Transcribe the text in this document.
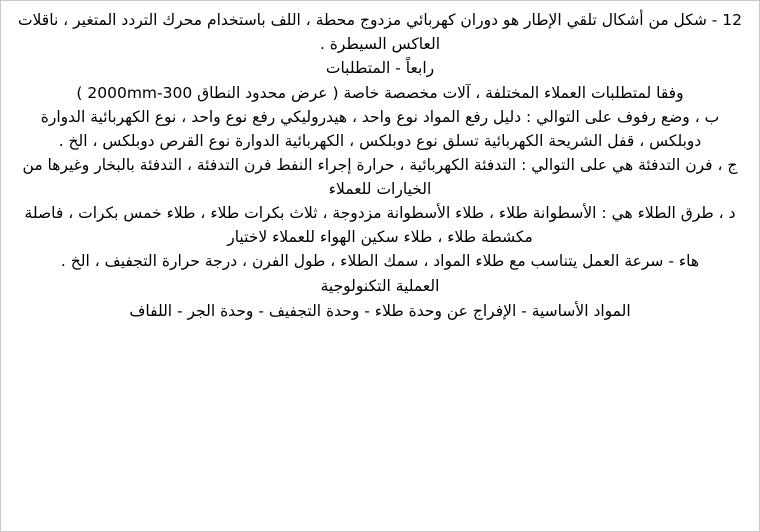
12 - شكل من أشكال تلقي الإطار هو دوران كهربائي مزدوج محطة ، اللف باستخدام محرك التردد المتغير ، ناقلات العاكس السيطرة .

رابعاً - المتطلبات

وفقا لمتطلبات العملاء المختلفة ، آلات مخصصة خاصة ( عرض محدود النطاق 2000mm-300 )

ب ، وضع رفوف على التوالي : دليل رفع المواد نوع واحد ، هيدروليكي رفع نوع واحد ، نوع الكهربائية الدوارة دوبلكس ، قفل الشريحة الكهربائية تسلق نوع دوبلكس ، الكهربائية الدوارة نوع القرص دوبلكس ، الخ .

ج ، فرن التدفئة هي على التوالي : التدفئة الكهربائية ، حرارة إجراء النفط فرن التدفئة ، التدفئة بالبخار وغيرها من الخيارات للعملاء

د ، طرق الطلاء هي : الأسطوانة طلاء ، طلاء الأسطوانة مزدوجة ، ثلاث بكرات طلاء ، طلاء خمس بكرات ، فاصلة مكشطة طلاء ، طلاء سكين الهواء للعملاء لاختيار

هاء - سرعة العمل يتناسب مع طلاء المواد ، سمك الطلاء ، طول الفرن ، درجة حرارة التجفيف ، الخ .

العملية التكنولوجية

المواد الأساسية - الإفراج عن وحدة طلاء - وحدة التجفيف - وحدة الجر - اللفاف
